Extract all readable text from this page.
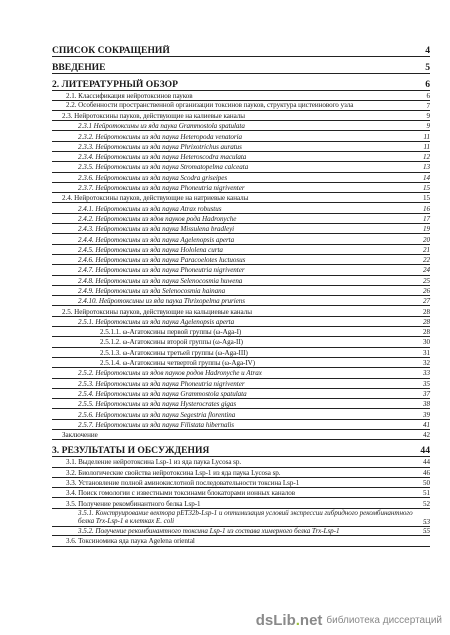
СПИСОК СОКРАЩЕНИЙ	4
ВВЕДЕНИЕ	5
2. ЛИТЕРАТУРНЫЙ ОБЗОР	6
2.1. Классификация нейротоксинов пауков	6
2.2. Особенности пространственной организации токсинов пауков, структура цистеинового узла	7
2.3. Нейротоксины пауков, действующие на калиевые каналы	9
2.3.1 Нейротоксины из яда паука Grammostola spatulata	9
2.3.2. Нейротоксины из яда паука Heteropoda venatoria	11
2.3.3. Нейротоксины из яда паука Phrixotrichus auratus	11
2.3.4. Нейротоксины из яда паука Heteroscodra maculata	12
2.3.5. Нейротоксины из яда паука Stromatopelma calceata	13
2.3.6. Нейротоксины из яда паука Scodra griseipes	14
2.3.7. Нейротоксины из яда паука Phoneutria nigriventer	15
2.4. Нейротоксины пауков, действующие на натриевые каналы	15
2.4.1. Нейротоксины из яда паука Atrax robustus	16
2.4.2. Нейротоксины из ядов пауков рода Hadronyche	17
2.4.3. Нейротоксины из яда паука Missulena bradleyi	19
2.4.4. Нейротоксины из яда паука Agelenopsis aperta	20
2.4.5. Нейротоксины из яда паука Hololena curta	21
2.4.6. Нейротоксины из яда паука Paracoelotes luctuosus	22
2.4.7. Нейротоксины из яда паука Phoneutria nigriventer	24
2.4.8. Нейротоксины из яда паука Selenocosmia huwena	25
2.4.9. Нейротоксины из яда Selenocosmia hainana	26
2.4.10. Нейротоксины из яда паука Thrixopelma pruriens	27
2.5. Нейротоксины пауков, действующие на кальциевые каналы	28
2.5.1. Нейротоксины из яда паука Agelenopsis aperta	28
2.5.1.1. ω-Агатоксины первой группы (ω-Aga-I)	28
2.5.1.2. ω-Агатоксины второй группы (ω-Aga-II)	30
2.5.1.3. ω-Агатоксины третьей группы (ω-Aga-III)	31
2.5.1.4. ω-Агатоксины четвертой группы (ω-Aga-IV)	32
2.5.2. Нейротоксины из ядов пауков родов Hadronyche и Atrax	33
2.5.3. Нейротоксины из яда паука Phoneutria nigriventer	35
2.5.4. Нейротоксины из яда паука Grammostola spatulata	37
2.5.5. Нейротоксины из яда паука Hysterocrates gigas	38
2.5.6. Нейротоксины из яда паука Segestria florentina	39
2.5.7. Нейротоксины из яда паука Filistata hibernalis	41
Заключение	42
3. РЕЗУЛЬТАТЫ И ОБСУЖДЕНИЯ	44
3.1. Выделение нейротоксина Lsp-1 из яда паука Lycosa sp.	44
3.2. Биологические свойства нейротоксина Lsp-1 из яда паука Lycosa sp.	46
3.3. Установление полной аминокислотной последовательности токсина Lsp-1	50
3.4. Поиск гомологии с известными токсинами блокаторами ионных каналов	51
3.5. Получение рекомбинантного белка Lsp-1	52
3.5.1. Конструирование вектора pET32b-Lsp-1 и оптимизация условий экспрессии гибридного рекомбинантного белка Trx-Lsp-1 в клетках E. coli	53
3.5.2. Получение рекомбинантного токсина Lsp-1 из состава химерного белка Trx-Lsp-1	55
3.6. Токсиномика яда паука Agelena oriental
dsLib.net библиотека диссертаций
